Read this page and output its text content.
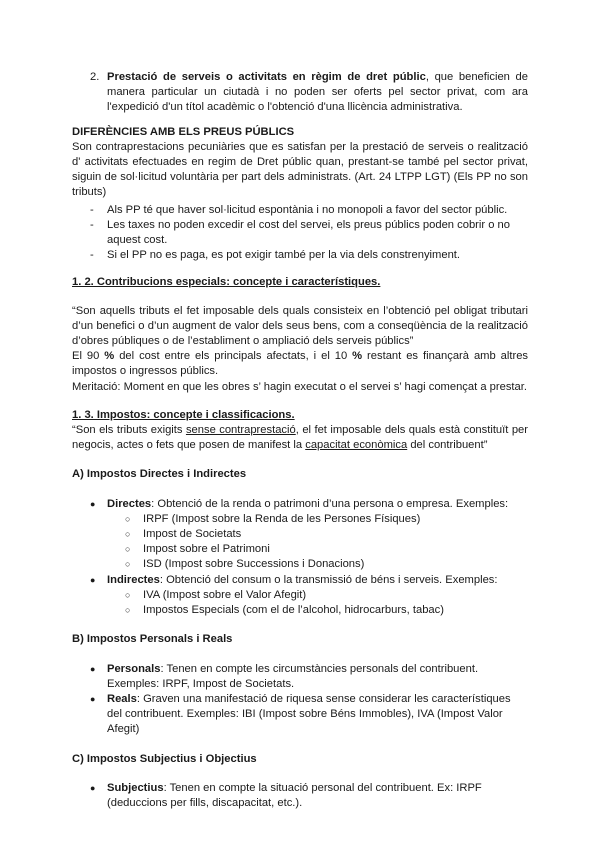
2. Prestació de serveis o activitats en règim de dret públic, que beneficien de manera particular un ciutadà i no poden ser oferts pel sector privat, com ara l'expedició d'un títol acadèmic o l'obtenció d'una llicència administrativa.

DIFERÈNCIES AMB ELS PREUS PÚBLICS

Son contraprestacions pecuniàries que es satisfan per la prestació de serveis o realització d' activitats efectuades en regim de Dret públic quan, prestant-se també pel sector privat, siguin de sol·licitud voluntària per part dels administrats. (Art. 24 LTPP LGT) (Els PP no son tributs)

-	Als PP té que haver sol·licitud espontània i no monopoli a favor del sector públic.
-	Les taxes no poden excedir el cost del servei, els preus públics poden cobrir o no aquest cost.
-	Si el PP no es paga, es pot exigir també per la via dels constrenyiment.

1. 2. Contribucions especials: concepte i característiques.

“Son aquells tributs el fet imposable dels quals consisteix en l’obtenció pel obligat tributari d’un benefici o d’un augment de valor dels seus bens, com a conseqüència de la realització d’obres públiques o de l’establiment o ampliació dels serveis públics”

El 90 % del cost entre els principals afectats, i el 10 % restant es finançarà amb altres impostos o ingressos públics.

Meritació: Moment en que les obres s’ hagin executat o el servei s’ hagi començat a prestar.

1. 3. Impostos: concepte i classificacions.

“Son els tributs exigits sense contraprestació, el fet imposable dels quals està constituït per negocis, actes o fets que posen de manifest la capacitat econòmica del contribuent”

A) Impostos Directes i Indirectes

●	Directes: Obtenció de la renda o patrimoni d’una persona o empresa. Exemples:

○	IRPF (Impost sobre la Renda de les Persones Físiques)
○	Impost de Societats
○	Impost sobre el Patrimoni
○	ISD (Impost sobre Successions i Donacions)
●	Indirectes: Obtenció del consum o la transmissió de béns i serveis. Exemples:

○	IVA (Impost sobre el Valor Afegit)
○	Impostos Especials (com el de l’alcohol, hidrocarburs, tabac)

B) Impostos Personals i Reals

●	Personals: Tenen en compte les circumstàncies personals del contribuent. Exemples: IRPF, Impost de Societats.

●	Reals: Graven una manifestació de riquesa sense considerar les característiques del contribuent. Exemples: IBI (Impost sobre Béns Immobles), IVA (Impost Valor Afegit)

C) Impostos Subjectius i Objectius

●	Subjectius: Tenen en compte la situació personal del contribuent. Ex: IRPF (deduccions per fills, discapacitat, etc.).
